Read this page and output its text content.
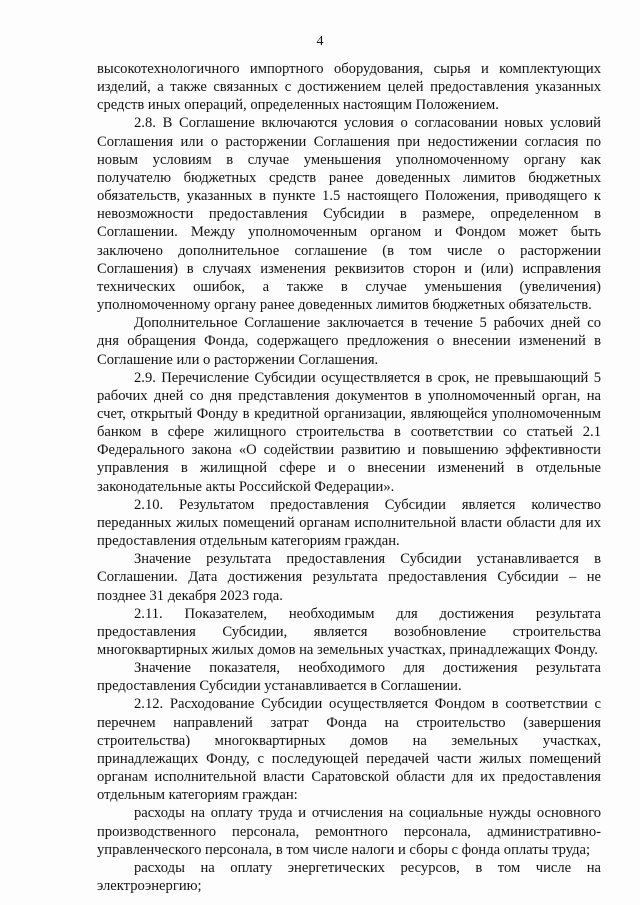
4

высокотехнологичного импортного оборудования, сырья и комплектующих изделий, а также связанных с достижением целей предоставления указанных средств иных операций, определенных настоящим Положением.

2.8. В Соглашение включаются условия о согласовании новых условий Соглашения или о расторжении Соглашения при недостижении согласия по новым условиям в случае уменьшения уполномоченному органу как получателю бюджетных средств ранее доведенных лимитов бюджетных обязательств, указанных в пункте 1.5 настоящего Положения, приводящего к невозможности предоставления Субсидии в размере, определенном в Соглашении. Между уполномоченным органом и Фондом может быть заключено дополнительное соглашение (в том числе о расторжении Соглашения) в случаях изменения реквизитов сторон и (или) исправления технических ошибок, а также в случае уменьшения (увеличения) уполномоченному органу ранее доведенных лимитов бюджетных обязательств.

Дополнительное Соглашение заключается в течение 5 рабочих дней со дня обращения Фонда, содержащего предложения о внесении изменений в Соглашение или о расторжении Соглашения.

2.9. Перечисление Субсидии осуществляется в срок, не превышающий 5 рабочих дней со дня представления документов в уполномоченный орган, на счет, открытый Фонду в кредитной организации, являющейся уполномоченным банком в сфере жилищного строительства в соответствии со статьей 2.1 Федерального закона «О содействии развитию и повышению эффективности управления в жилищной сфере и о внесении изменений в отдельные законодательные акты Российской Федерации».

2.10. Результатом предоставления Субсидии является количество переданных жилых помещений органам исполнительной власти области для их предоставления отдельным категориям граждан.

Значение результата предоставления Субсидии устанавливается в Соглашении. Дата достижения результата предоставления Субсидии – не позднее 31 декабря 2023 года.

2.11. Показателем, необходимым для достижения результата предоставления Субсидии, является возобновление строительства многоквартирных жилых домов на земельных участках, принадлежащих Фонду.

Значение показателя, необходимого для достижения результата предоставления Субсидии устанавливается в Соглашении.

2.12. Расходование Субсидии осуществляется Фондом в соответствии с перечнем направлений затрат Фонда на строительство (завершения строительства) многоквартирных домов на земельных участках, принадлежащих Фонду, с последующей передачей части жилых помещений органам исполнительной власти Саратовской области для их предоставления отдельным категориям граждан:

расходы на оплату труда и отчисления на социальные нужды основного производственного персонала, ремонтного персонала, административно-управленческого персонала, в том числе налоги и сборы с фонда оплаты труда;

расходы на оплату энергетических ресурсов, в том числе на электроэнергию;
